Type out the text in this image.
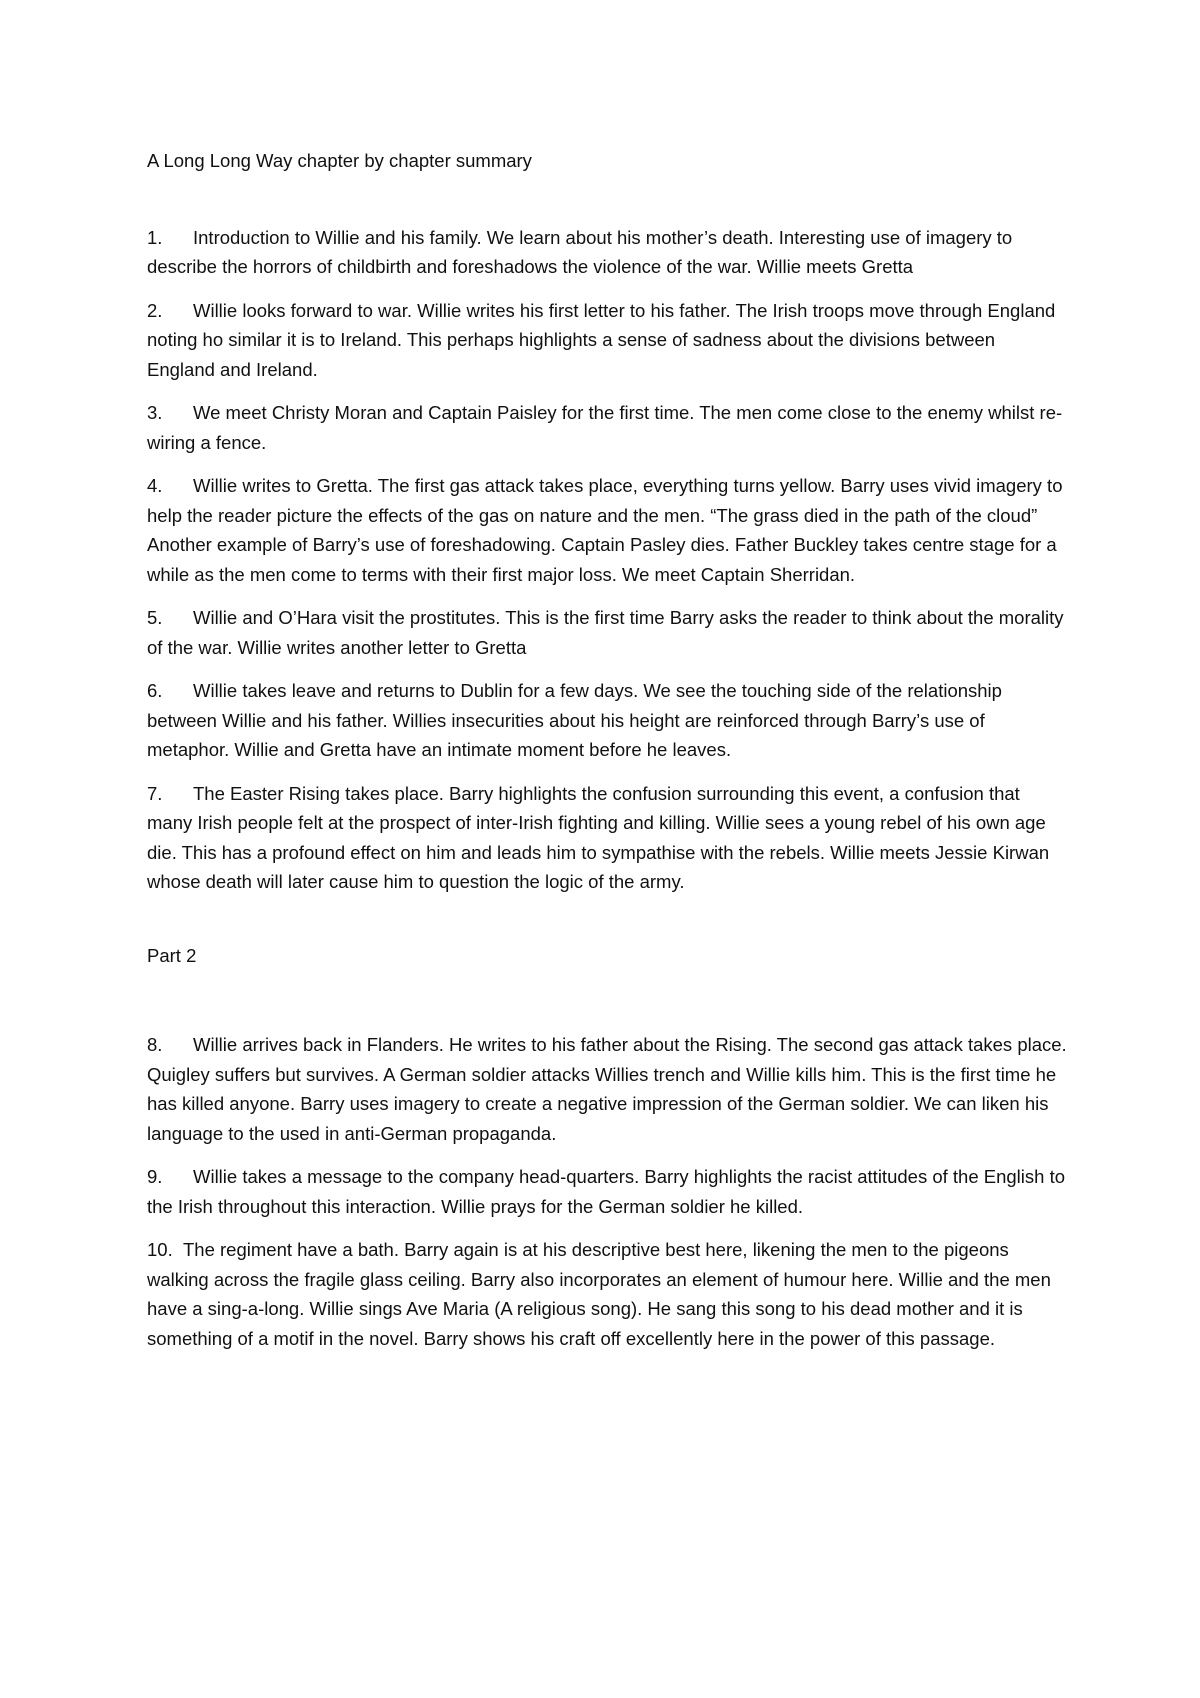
A Long Long Way chapter by chapter summary

1. Introduction to Willie and his family. We learn about his mother’s death. Interesting use of imagery to describe the horrors of childbirth and foreshadows the violence of the war. Willie meets Gretta

2. Willie looks forward to war. Willie writes his first letter to his father. The Irish troops move through England noting ho similar it is to Ireland. This perhaps highlights a sense of sadness about the divisions between England and Ireland.

3. We meet Christy Moran and Captain Paisley for the first time. The men come close to the enemy whilst re-wiring a fence.

4. Willie writes to Gretta. The first gas attack takes place, everything turns yellow. Barry uses vivid imagery to help the reader picture the effects of the gas on nature and the men. “The grass died in the path of the cloud” Another example of Barry’s use of foreshadowing. Captain Pasley dies. Father Buckley takes centre stage for a while as the men come to terms with their first major loss. We meet Captain Sherridan.

5. Willie and O’Hara visit the prostitutes. This is the first time Barry asks the reader to think about the morality of the war. Willie writes another letter to Gretta

6. Willie takes leave and returns to Dublin for a few days. We see the touching side of the relationship between Willie and his father. Willies insecurities about his height are reinforced through Barry’s use of metaphor. Willie and Gretta have an intimate moment before he leaves.

7. The Easter Rising takes place. Barry highlights the confusion surrounding this event, a confusion that many Irish people felt at the prospect of inter-Irish fighting and killing. Willie sees a young rebel of his own age die. This has a profound effect on him and leads him to sympathise with the rebels. Willie meets Jessie Kirwan whose death will later cause him to question the logic of the army.

Part 2

8. Willie arrives back in Flanders. He writes to his father about the Rising. The second gas attack takes place. Quigley suffers but survives. A German soldier attacks Willies trench and Willie kills him. This is the first time he has killed anyone. Barry uses imagery to create a negative impression of the German soldier. We can liken his language to the used in anti-German propaganda.

9. Willie takes a message to the company head-quarters. Barry highlights the racist attitudes of the English to the Irish throughout this interaction. Willie prays for the German soldier he killed.

10. The regiment have a bath. Barry again is at his descriptive best here, likening the men to the pigeons walking across the fragile glass ceiling. Barry also incorporates an element of humour here. Willie and the men have a sing-a-long. Willie sings Ave Maria (A religious song). He sang this song to his dead mother and it is something of a motif in the novel. Barry shows his craft off excellently here in the power of this passage.
